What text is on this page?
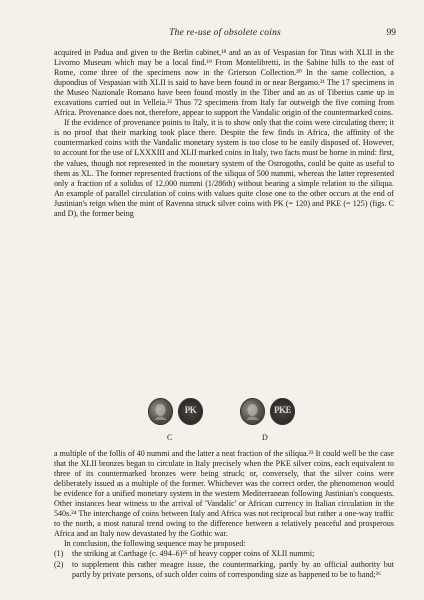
The re-use of obsolete coins	99

acquired in Padua and given to the Berlin cabinet,¹⁸ and an as of Vespasian for Titus with XLII in the Livorno Museum which may be a local find.¹⁹ From Montelibretti, in the Sabine hills to the east of Rome, come three of the specimens now in the Grierson Collection.²⁰ In the same collection, a dupondius of Vespasian with XLII is said to have been found in or near Bergamo.²¹ The 17 specimens in the Museo Nazionale Romano have been found mostly in the Tiber and an as of Tiberius came up in excavations carried out in Velleia.²² Thus 72 specimens from Italy far outweigh the five coming from Africa. Provenance does not, therefore, appear to support the Vandalic origin of the countermarked coins.

If the evidence of provenance points to Italy, it is to show only that the coins were circulating there; it is no proof that their marking took place there. Despite the few finds in Africa, the affinity of the countermarked coins with the Vandalic monetary system is too close to be easily disposed of. However, to account for the use of LXXXIII and XLII marked coins in Italy, two facts must be borne in mind: first, the values, though not represented in the monetary system of the Ostrogoths, could be quite as useful to them as XL. The former represented fractions of the siliqua of 500 nummi, whereas the latter represented only a fraction of a solidus of 12,000 nummi (1/286th) without bearing a simple relation to the siliqua. An example of parallel circulation of coins with values quite close one to the other occurs at the end of Justinian's reign when the mint of Ravenna struck silver coins with PK (= 120) and PKE (= 125) (figs. C and D), the former being

PK
C
PKE
D

a multiple of the follis of 40 nummi and the latter a neat fraction of the siliqua.²³ It could well be the case that the XLII bronzes began to circulate in Italy precisely when the PKE silver coins, each equivalent to three of its countermarked bronzes were being struck; or, conversely, that the silver coins were deliberately issued as a multiple of the former. Whichever was the correct order, the phenomenon would be evidence for a unified monetary system in the western Mediterranean following Justinian's conquests. Other instances bear witness to the arrival of 'Vandalic' or African currency in Italian circulation in the 540s.²⁴ The interchange of coins between Italy and Africa was not reciprocal but rather a one-way traffic to the north, a most natural trend owing to the difference between a relatively peaceful and prosperous Africa and an Italy now devastated by the Gothic war.

In conclusion, the following sequence may be proposed:

(1) the striking at Carthage (c. 494–6)²⁵ of heavy copper coins of XLII nummi;
(2) to supplement this rather meagre issue, the countermarking, partly by an official authority but partly by private persons, of such older coins of corresponding size as happened to be to hand;²⁶
